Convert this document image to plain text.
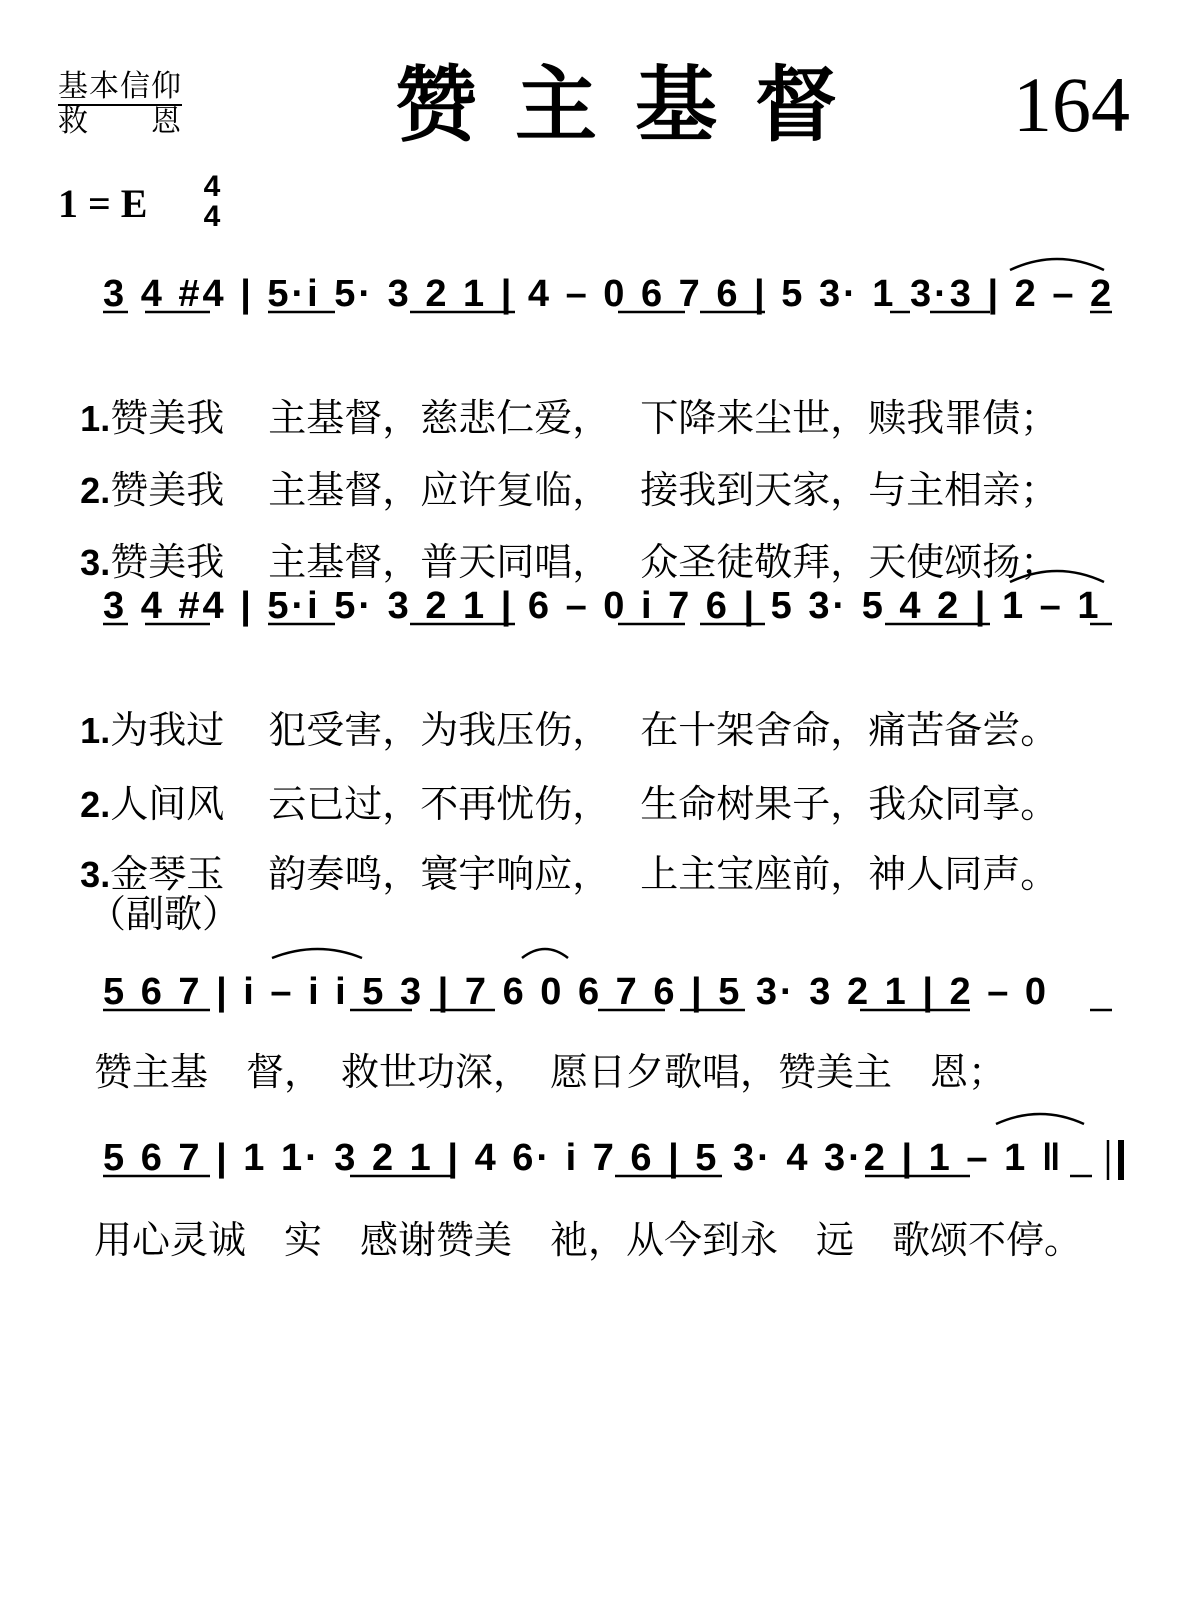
基本信仰
救 恩	赞主基督 164
1 = E 4
4
3 4 #4 | 5·i 5· 3 2 1 | 4 – 0 6 7 6 | 5 3· 1 3·3 | 2 – 2

1.赞美我 主基督，慈悲仁爱， 下降来尘世，赎我罪债；

2.赞美我 主基督，应许复临， 接我到天家，与主相亲；

3.赞美我 主基督，普天同唱， 众圣徒敬拜，天使颂扬；

3 4 #4 | 5·i 5· 3 2 1 | 6 – 0 i 7 6 | 5 3· 5 4 2 | 1 – 1

1.为我过 犯受害，为我压伤， 在十架舍命，痛苦备尝。

2.人间风 云已过，不再忧伤， 生命树果子，我众同享。

3.金琴玉 韵奏鸣，寰宇响应， 上主宝座前，神人同声。

（副歌）
5 6 7 | i – i i 5 3 | 7 6 0 6 7 6 | 5 3· 3 2 1 | 2 – 0
赞主基　督，　救世功深，　愿日夕歌唱，赞美主　恩；
5 6 7 | 1 1· 3 2 1 | 4 6· i 7 6 | 5 3· 4 3·2 | 1 – 1 ‖
用心灵诚　实　感谢赞美　祂，从今到永　远　歌颂不停。
